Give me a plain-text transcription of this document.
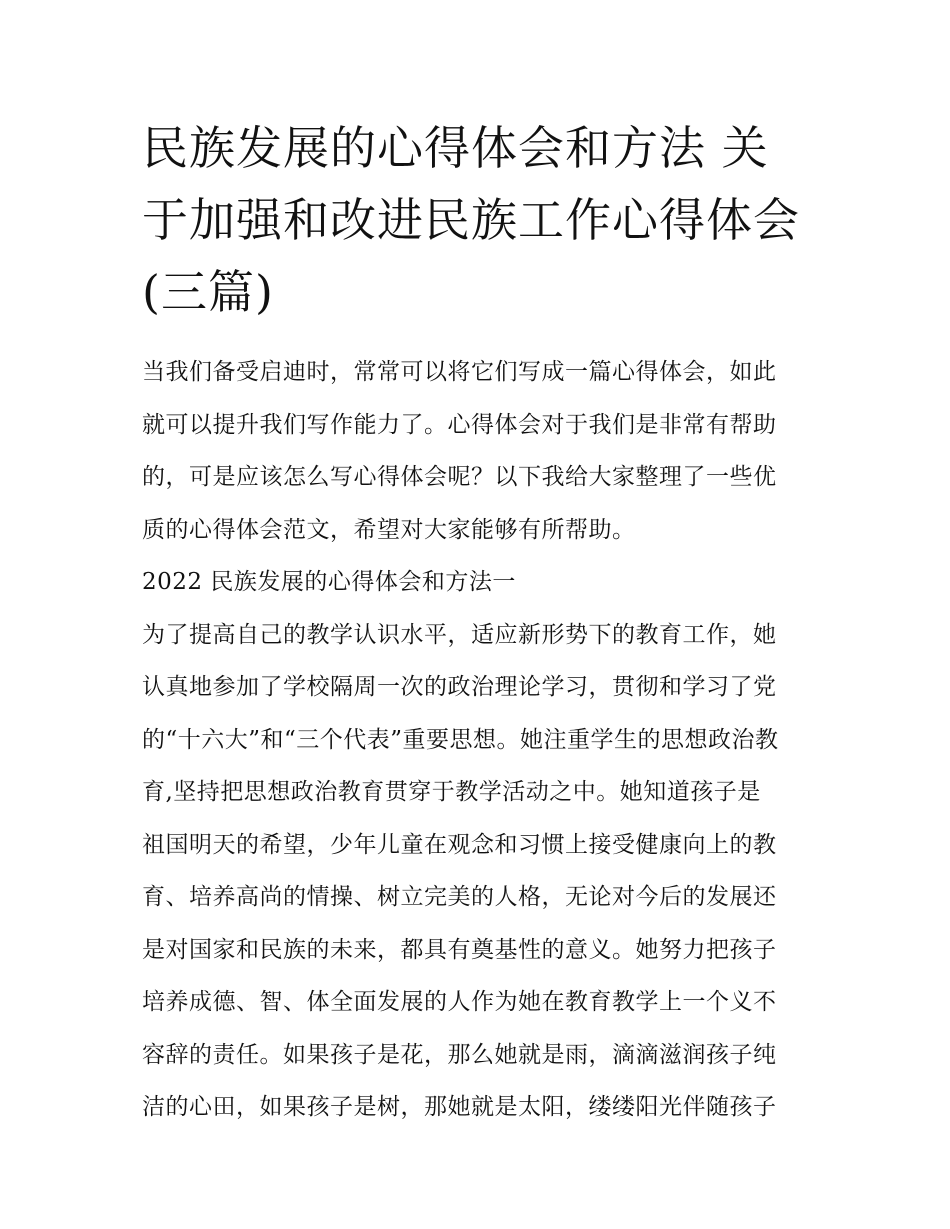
民族发展的心得体会和方法 关于加强和改进民族工作心得体会(三篇)
当我们备受启迪时，常常可以将它们写成一篇心得体会，如此
就可以提升我们写作能力了。心得体会对于我们是非常有帮助
的，可是应该怎么写心得体会呢？以下我给大家整理了一些优
质的心得体会范文，希望对大家能够有所帮助。
2022 民族发展的心得体会和方法一
为了提高自己的教学认识水平，适应新形势下的教育工作，她
认真地参加了学校隔周一次的政治理论学习，贯彻和学习了党
的“十六大”和“三个代表”重要思想。她注重学生的思想政治教
育,坚持把思想政治教育贯穿于教学活动之中。她知道孩子是
祖国明天的希望，少年儿童在观念和习惯上接受健康向上的教
育、培养高尚的情操、树立完美的人格，无论对今后的发展还
是对国家和民族的未来，都具有奠基性的意义。她努力把孩子
培养成德、智、体全面发展的人作为她在教育教学上一个义不
容辞的责任。如果孩子是花，那么她就是雨，滴滴滋润孩子纯
洁的心田，如果孩子是树，那她就是太阳，缕缕阳光伴随孩子
